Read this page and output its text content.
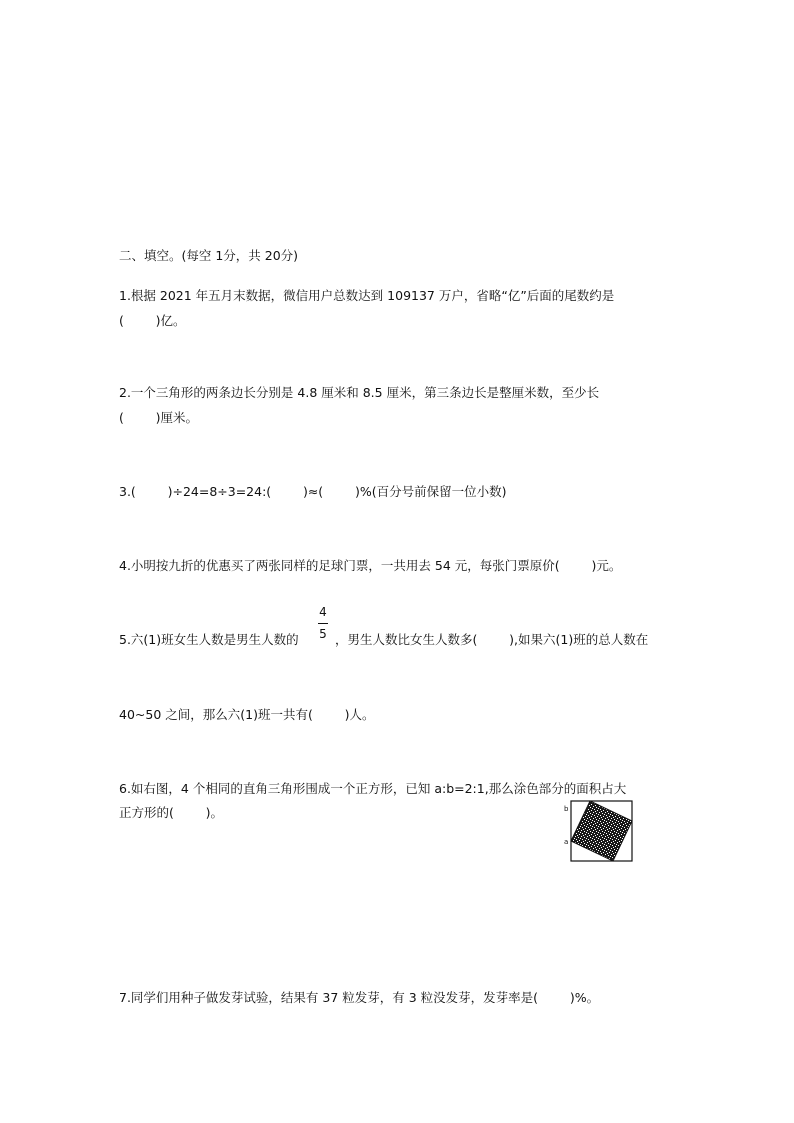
二、填空。(每空 1分，共 20分)
1.根据 2021 年五月末数据，微信用户总数达到 109137 万户，省略“亿”后面的尾数约是
(        )亿。
2.一个三角形的两条边长分别是 4.8 厘米和 8.5 厘米，第三条边长是整厘米数，至少长
(        )厘米。
3.(        )÷24=8÷3=24:(        )≈(        )%(百分号前保留一位小数)
4.小明按九折的优惠买了两张同样的足球门票，一共用去 54 元，每张门票原价(        )元。
5.六(1)班女生人数是男生人数的
4
5 ，男生人数比女生人数多(        ),如果六(1)班的总人数在
40~50 之间，那么六(1)班一共有(        )人。
6.如右图，4 个相同的直角三角形围成一个正方形，已知 a:b=2:1,那么涂色部分的面积占大
正方形的(        )。	b
a
7.同学们用种子做发芽试验，结果有 37 粒发芽，有 3 粒没发芽，发芽率是(        )%。
